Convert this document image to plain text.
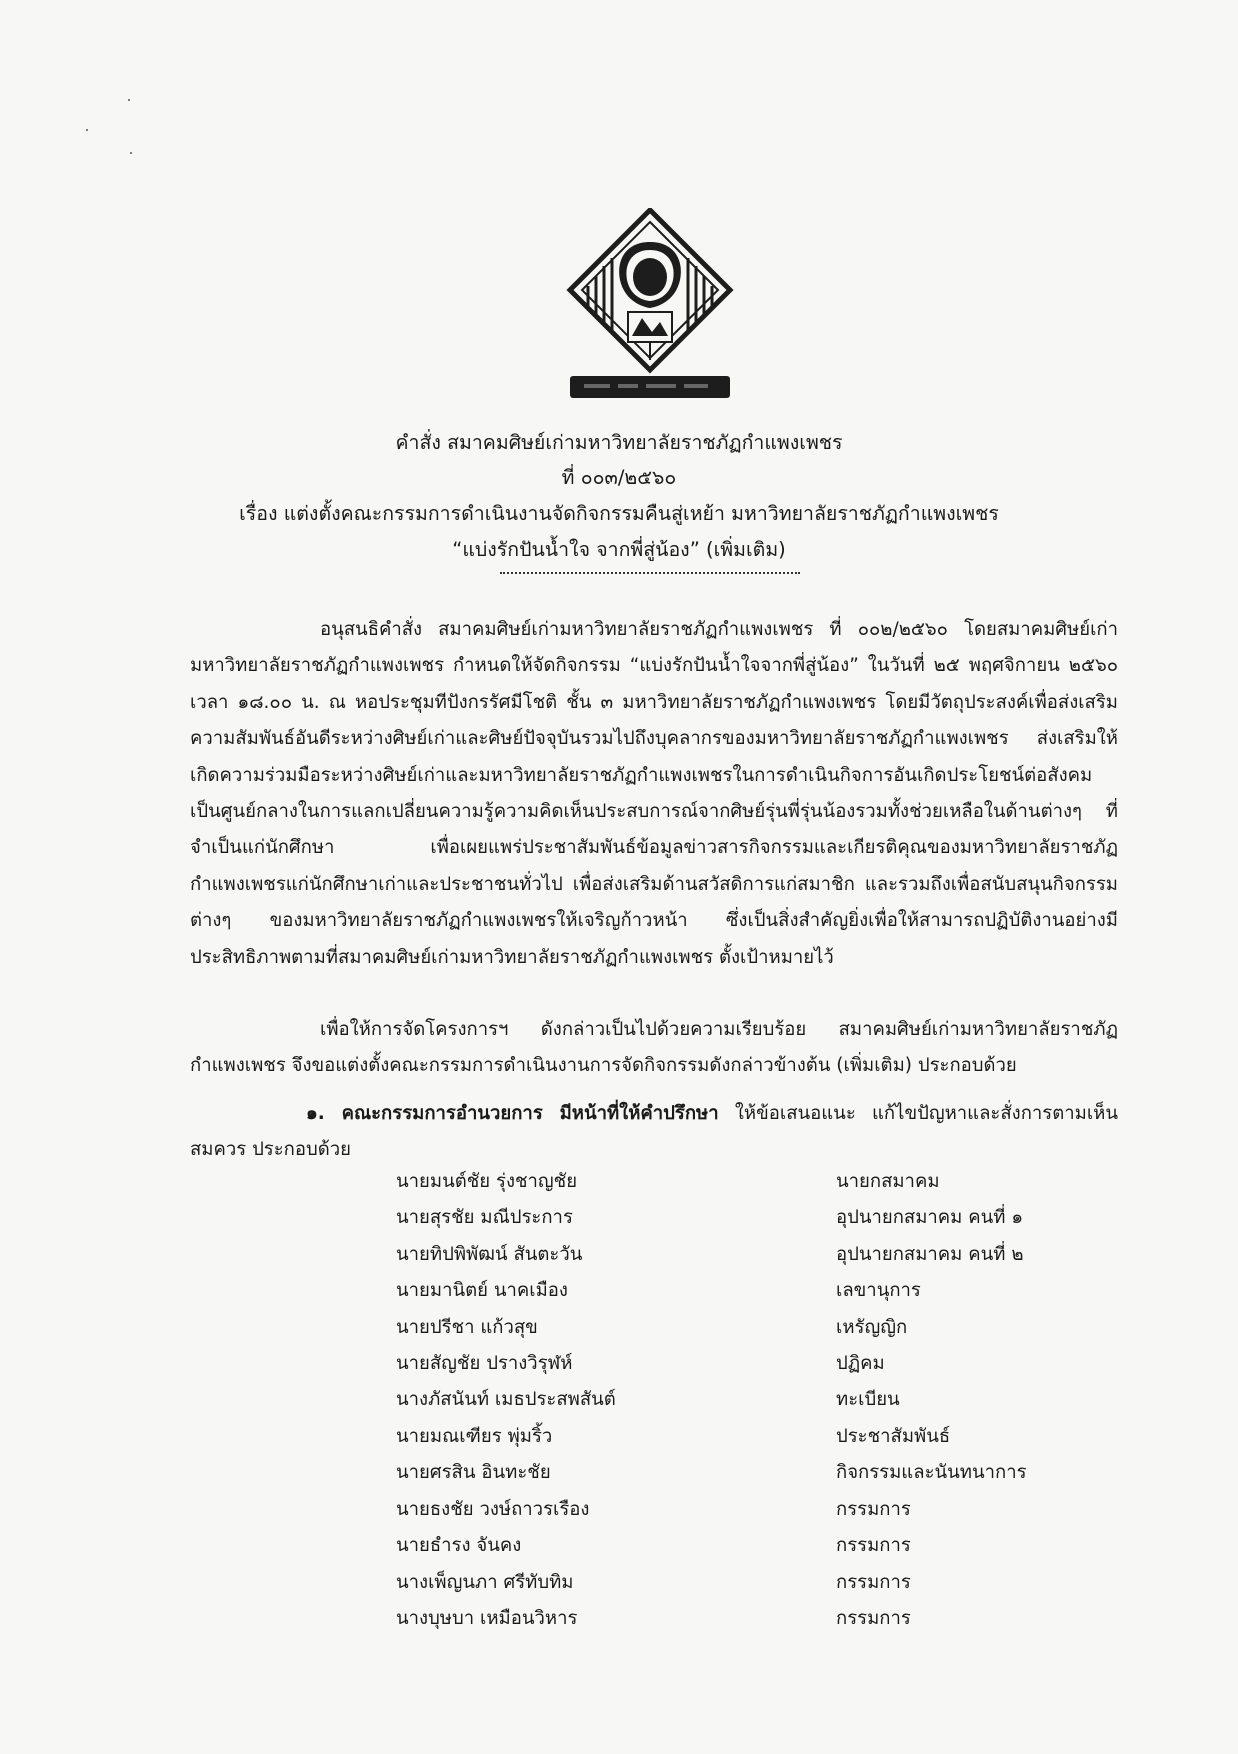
คำสั่ง สมาคมศิษย์เก่ามหาวิทยาลัยราชภัฏกำแพงเพชร
ที่ ๐๐๓/๒๕๖๐
เรื่อง แต่งตั้งคณะกรรมการดำเนินงานจัดกิจกรรมคืนสู่เหย้า มหาวิทยาลัยราชภัฏกำแพงเพชร
“แบ่งรักปันน้ำใจ จากพี่สู่น้อง” (เพิ่มเติม)
อนุสนธิคำสั่ง สมาคมศิษย์เก่ามหาวิทยาลัยราชภัฏกำแพงเพชร ที่ ๐๐๒/๒๕๖๐ โดยสมาคมศิษย์เก่ามหาวิทยาลัยราชภัฏกำแพงเพชร กำหนดให้จัดกิจกรรม “แบ่งรักปันน้ำใจจากพี่สู่น้อง” ในวันที่ ๒๕ พฤศจิกายน ๒๕๖๐ เวลา ๑๘.๐๐ น. ณ หอประชุมทีปังกรรัศมีโชติ ชั้น ๓ มหาวิทยาลัยราชภัฏกำแพงเพชร โดยมีวัตถุประสงค์เพื่อส่งเสริมความสัมพันธ์อันดีระหว่างศิษย์เก่าและศิษย์ปัจจุบันรวมไปถึงบุคลากรของมหาวิทยาลัยราชภัฏกำแพงเพชร ส่งเสริมให้เกิดความร่วมมือระหว่างศิษย์เก่าและมหาวิทยาลัยราชภัฏกำแพงเพชรในการดำเนินกิจการอันเกิดประโยชน์ต่อสังคม เป็นศูนย์กลางในการแลกเปลี่ยนความรู้ความคิดเห็นประสบการณ์จากศิษย์รุ่นพี่รุ่นน้องรวมทั้งช่วยเหลือในด้านต่างๆ ที่จำเป็นแก่นักศึกษา เพื่อเผยแพร่ประชาสัมพันธ์ข้อมูลข่าวสารกิจกรรมและเกียรติคุณของมหาวิทยาลัยราชภัฏกำแพงเพชรแก่นักศึกษาเก่าและประชาชนทั่วไป เพื่อส่งเสริมด้านสวัสดิการแก่สมาชิก และรวมถึงเพื่อสนับสนุนกิจกรรมต่างๆ ของมหาวิทยาลัยราชภัฏกำแพงเพชรให้เจริญก้าวหน้า ซึ่งเป็นสิ่งสำคัญยิ่งเพื่อให้สามารถปฏิบัติงานอย่างมีประสิทธิภาพตามที่สมาคมศิษย์เก่ามหาวิทยาลัยราชภัฏกำแพงเพชร ตั้งเป้าหมายไว้
เพื่อให้การจัดโครงการฯ ดังกล่าวเป็นไปด้วยความเรียบร้อย สมาคมศิษย์เก่ามหาวิทยาลัยราชภัฏกำแพงเพชร จึงขอแต่งตั้งคณะกรรมการดำเนินงานการจัดกิจกรรมดังกล่าวข้างต้น (เพิ่มเติม) ประกอบด้วย
๑. คณะกรรมการอำนวยการ มีหน้าที่ให้คำปรึกษา ให้ข้อเสนอแนะ แก้ไขปัญหาและสั่งการตามเห็นสมควร ประกอบด้วย
นายมนต์ชัย รุ่งชาญชัย	นายกสมาคม
นายสุรชัย มณีประการ	อุปนายกสมาคม คนที่ ๑
นายทิปพิพัฒน์ สันตะวัน	อุปนายกสมาคม คนที่ ๒
นายมานิตย์ นาคเมือง	เลขานุการ
นายปรีชา แก้วสุข	เหรัญญิก
นายสัญชัย ปรางวิรุฬห์	ปฏิคม
นางภัสนันท์ เมธประสพสันต์	ทะเบียน
นายมณเฑียร พุ่มริ้ว	ประชาสัมพันธ์
นายศรสิน อินทะชัย	กิจกรรมและนันทนาการ
นายธงชัย วงษ์ถาวรเรือง	กรรมการ
นายธำรง จันคง	กรรมการ
นางเพ็ญนภา ศรีทับทิม	กรรมการ
นางบุษบา เหมือนวิหาร	กรรมการ
